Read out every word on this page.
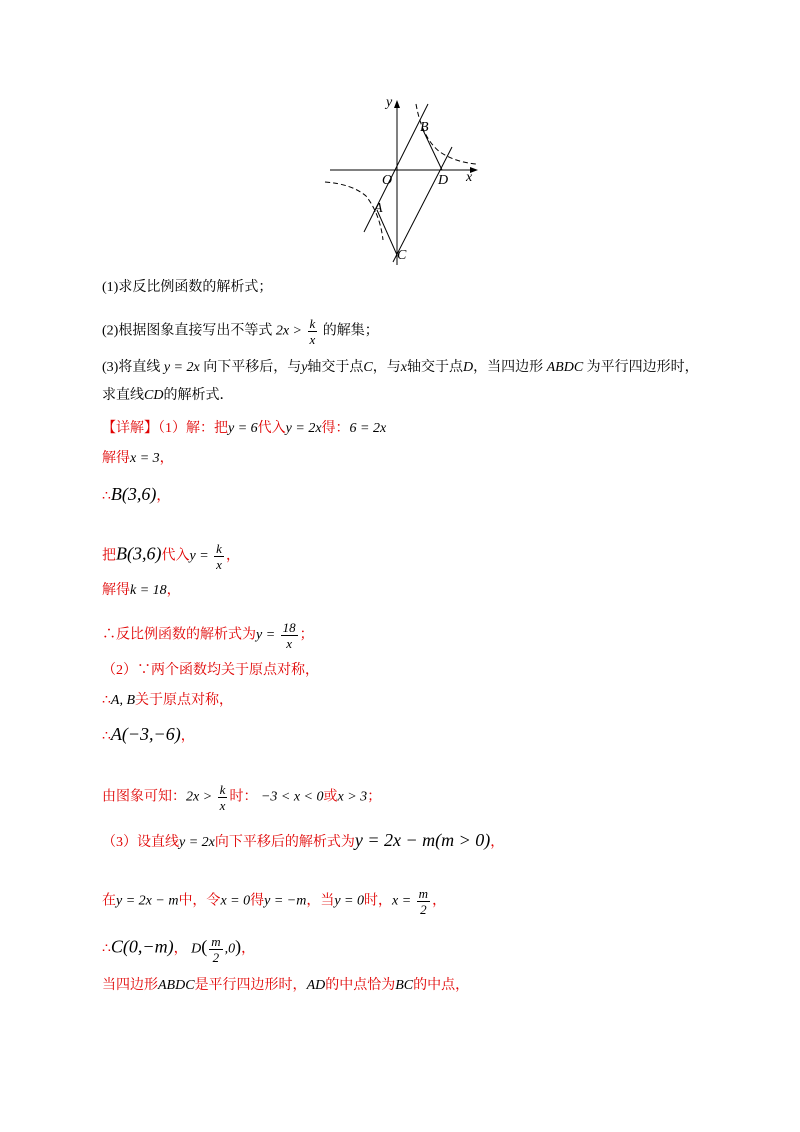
y
x
O
B
D
A
C
(1)求反比例函数的解析式；
(2)根据图象直接写出不等式 $2x > \frac{k}{x}$ 的解集；
(3)将直线 y = 2x 向下平移后，与y轴交于点C，与x轴交于点D，当四边形 ABDC 为平行四边形时，
求直线CD的解析式．
【详解】（1）解：把y = 6代入y = 2x得：6 = 2x
解得x = 3，
∴B(3,6)，
把B(3,6)代入$y = \frac{k}{x}$ ，
解得k = 18，
∴反比例函数的解析式为$y = \frac{18}{x}$ ；
（2）∵两个函数均关于原点对称，
∴A, B关于原点对称，
∴A(−3,−6)，
由图象可知：$2x > \frac{k}{x}$ 时： −3 < x < 0或x > 3；
（3）设直线y = 2x向下平移后的解析式为y = 2x − m(m > 0)，
在y = 2x − m中，令x = 0得y = −m，当y = 0时，$x = \frac{m}{2}$ ，
∴C(0,−m)， $D( \frac{m}{2} ,0)$，
当四边形ABDC是平行四边形时，AD的中点恰为BC的中点，
